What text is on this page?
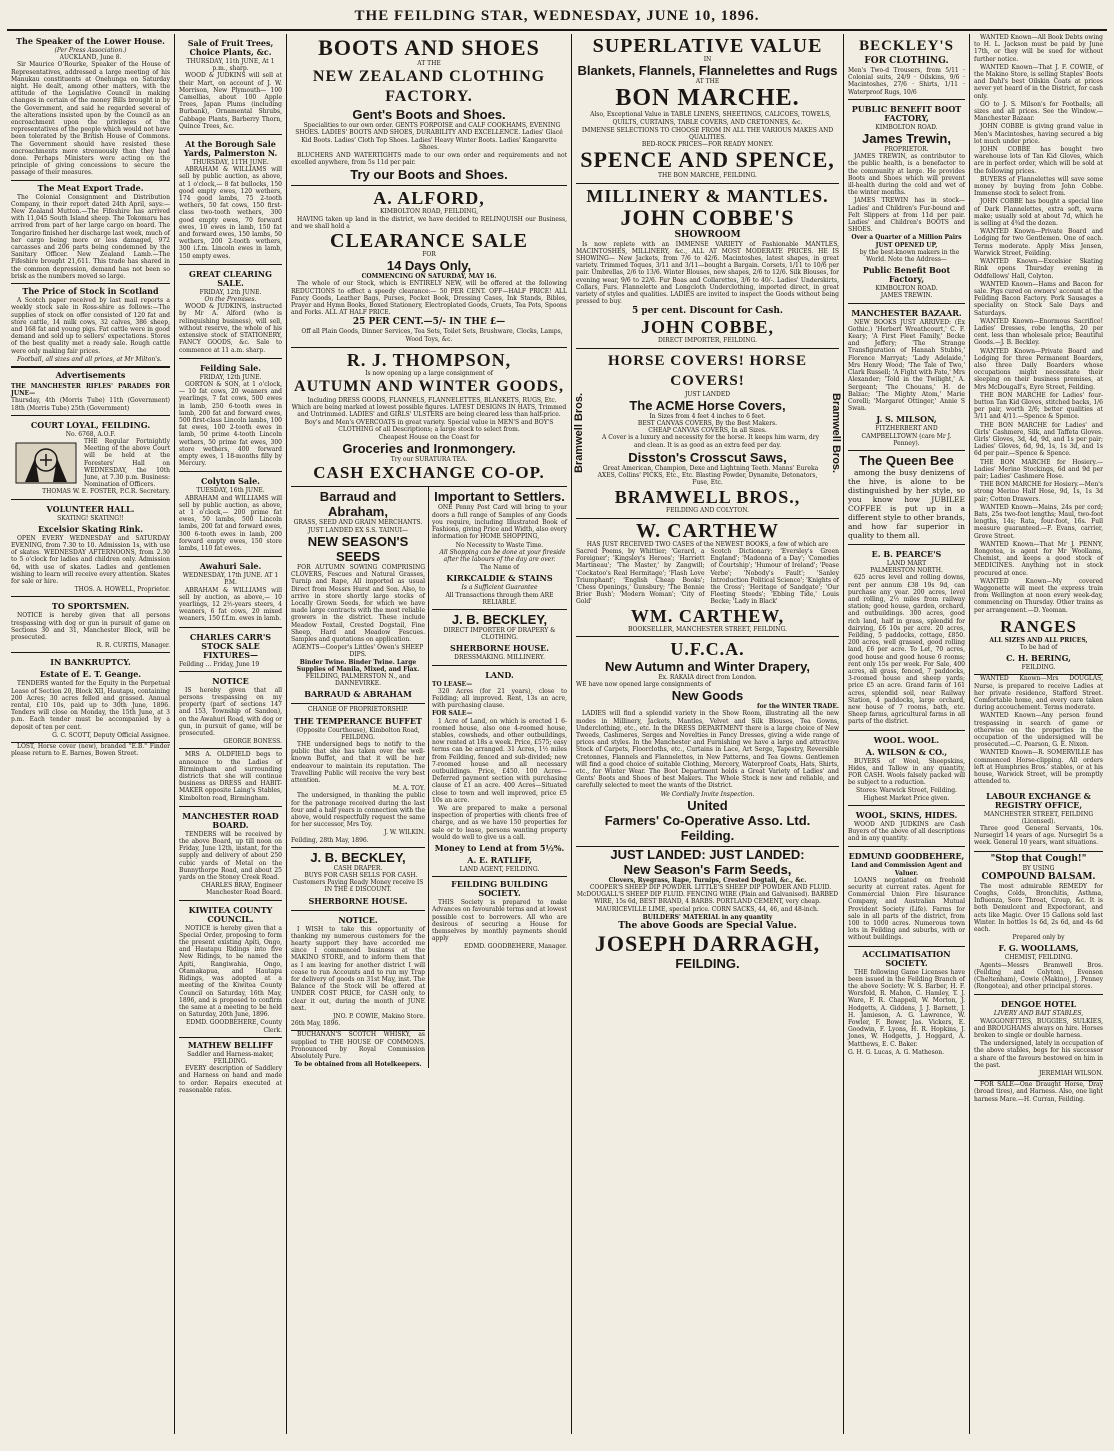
THE FEILDING STAR, WEDNESDAY, JUNE 10, 1896.
The Speaker of the Lower House.
(Per Press Association.)
AUCKLAND, June 8.

Sir Maurice O'Rourke, Speaker of the House of Representatives, addressed a large meeting of his Manukau constituents at Onehunga on Saturday night. He dealt, among other matters, with the attitude of the Legislative Council in making changes in certain of the money Bills brought in by the Government, and said he regarded several of the alterations insisted upon by the Council as an encroachment upon the privileges of the representatives of the people which would not have been tolerated by the British House of Commons. The Government should have resisted these encroachments more strenuously than they had done. Perhaps Ministers were acting on the principle of giving concessions to secure the passage of their measures.

The Meat Export Trade.

The Colonial Consignment and Distribution Company, in their report dated 24th April, says:— New Zealand Mutton.—The Fifeshire has arrived with 11,045 South Island sheep. The Tokomaru has arrived from part of her large cargo on board. The Tongariro finished her discharge last week, much of her cargo being more or less damaged, 972 carcasses and 206 parts being condemned by the Sanitary Officer. New Zealand Lamb.—The Fifeshire brought 21,611. This trade has shared in the common depression, demand has not been so brisk as the numbers moved so large.

The Price of Stock in Scotland

A Scotch paper received by last mail reports a weekly stock sale in Ross-shire as follows:—The supplies of stock on offer consisted of 120 fat and store cattle, 14 milk cows, 32 calves, 386 sheep, and 168 fat and young pigs. Fat cattle were in good demand and sold up to sellers' expectations. Stores of the best quality met a ready sale. Rough cattle were only making fair prices.

Football, all sizes and all prices, at Mr Milton's.

Advertisements
THE MANCHESTER RIFLES' PARADES FOR JUNE—
Thursday, 4th (Morris Tube) 11th (Government) 18th (Morris Tube) 25th (Government)
COURT LOYAL, FEILDING.
No. 6768, A.O.F.
THE Regular Fortnightly Meeting of the above Court will be held at the Foresters' Hall on WEDNESDAY, the 10th June, at 7.30 p.m. Business: Nomination of Officers.
THOMAS W. E. FOSTER, P.C.R. Secretary.
VOLUNTEER HALL.
SKATING! SKATING!!
Excelsior Skating Rink.

OPEN EVERY WEDNESDAY and SATURDAY EVENING, from 7.30 to 10. Admission 1s, with use of skates. WEDNESDAY AFTERNOONS, from 2.30 to 5 o'clock for ladies and children only. Admission 6d, with use of skates. Ladies and gentlemen wishing to learn will receive every attention. Skates for sale or hire.

THOS. A. HOWELL, Proprietor.
TO SPORTSMEN.

NOTICE is hereby given that all persons trespassing with dog or gun in pursuit of game on Sections 30 and 31, Manchester Block, will be prosecuted.

R. R. CURTIS, Manager.
IN BANKRUPTCY.
Estate of E. T. Geange.

TENDERS wanted for the Equity in the Perpetual Lease of Section 20, Block XII, Hautapu, containing 200 Acres; 30 acres felled and grassed. Annual rental, £10 10s, paid up to 30th June, 1896. Tenders will close on Monday, the 15th June, at 3 p.m. Each tender must be accompanied by a deposit of ten per cent.

G. C. SCOTT, Deputy Official Assignee.

LOST, Horse cover (new), branded "E.B." Finder please return to E. Barnes, Bowen Street.

Sale of Fruit Trees, Choice Plants, &c.
THURSDAY, 11th JUNE, At 1 p.m., sharp.

WOOD & JUDKINS will sell at their Mart, on account of J. W. Morrison, New Plymouth— 100 Camellias, about 100 Apple Trees, Japan Plums (including Burbank), Ornamental Shrubs, Cabbage Plants, Barberry Thorn, Quince Trees, &c.

At the Borough Sale Yards, Palmerston N.
THURSDAY, 11TH JUNE.

ABRAHAM & WILLIAMS will sell by public auction, as above, at 1 o'clock,— 8 fat bullocks, 150 good empty ewes, 120 wethers, 174 good lambs, 75 2-tooth wethers, 50 fat cows, 150 first-class two-tooth wethers, 300 good empty ewes, 70 forward ewes, 10 ewes in lamb, 150 fat and forward ewes, 150 lambs, 50 wethers, 200 2-tooth wethers, 300 i.f.m. Lincoln ewes in lamb, 150 empty ewes.

GREAT CLEARING SALE.
FRIDAY, 12th JUNE.
On the Premises.

WOOD & JUDKINS, instructed by Mr A. Alford (who is relinquishing business), will sell, without reserve, the whole of his extensive stock of STATIONERY, FANCY GOODS, &c. Sale to commence at 11 a.m. sharp.

Feilding Sale.
FRIDAY, 12th JUNE.

GORTON & SON, at 1 o'clock,— 10 fat cows, 20 weaners and yearlings, 7 fat cows, 500 ewes in lamb, 250 6-tooth ewes in lamb, 200 fat and forward ewes, 500 first-class Lincoln lambs, 100 fat ewes, 100 2-tooth ewes in lamb, 50 prime 4-tooth Lincoln wethers, 50 prime fat ewes, 300 store wethers, 400 forward empty ewes, 1 18-months filly by Mercury.

Colyton Sale.
TUESDAY, 16th JUNE.

ABRAHAM and WILLIAMS will sell by public auction, as above, at 1 o'clock,— 200 prime fat ewes, 50 lambs, 500 Lincoln lambs, 200 fat and forward ewes, 300 6-tooth ewes in lamb, 200 forward empty ewes, 150 store lambs, 110 fat ewes.

Awahuri Sale.
WEDNESDAY, 17th JUNE. AT 1 P.M.

ABRAHAM & WILLIAMS will sell by auction, as above,— 10 yearlings, 12 2½-years steers, 4 weaners, 6 fat cows, 20 mixed weaners, 150 f.f.m. ewes in lamb.

CHARLES CARR'S STOCK SALE FIXTURES—
Feilding ... Friday, June 19
NOTICE

IS hereby given that all persons trespassing on my property (part of sections 147 and 153, Township of Sandon), on the Awahuri Road, with dog or gun, in pursuit of game, will be prosecuted.

GEORGE BONESS.

MRS A. OLDFIELD begs to announce to the Ladies of Birmingham and surrounding districts that she will continue business as DRESS and HABIT-MAKER opposite Laing's Stables, Kimbolton road, Birmingham.

MANCHESTER ROAD BOARD.

TENDERS will be received by the above Board, up till noon on Friday, June 12th, instant, for the supply and delivery of about 250 cubic yards of Metal on the Bunnythorpe Road, and about 25 yards on the Stoney Creek Road.

CHARLES BRAY, Engineer Manchester Road Board.
KIWITEA COUNTY COUNCIL.

NOTICE is hereby given that a Special Order, proposing to form the present existing Apiti, Ongo, and Hautapu Ridings into five New Ridings, to be named the Apiti, Rangiwahia, Ongo, Otamakapua, and Hautapu Ridings, was adopted at a meeting of the Kiwitea County Council on Saturday, 16th May, 1896, and is proposed to confirm the same at a meeting to be held on Saturday, 20th June, 1896.

EDMD. GOODBEHERE, County Clerk.
MATHEW BELLIFF
Saddler and Harness-maker, FEILDING.

EVERY description of Saddlery and Harness on hand and made to order. Repairs executed at reasonable rates.

BOOTS AND SHOES
AT THE
NEW ZEALAND CLOTHING FACTORY.
Gent's Boots and Shoes.

Specialities to our own order. GENTS FORPOISE and CALF COOKHAMS, EVENING SHOES. LADIES' BOOTS AND SHOES, DURABILITY AND EXCELLENCE. Ladies' Glacé Kid Boots. Ladies' Cloth Top Shoes. Ladies' Heavy Winter Boots. Ladies' Kangarette Shoes.

BLUCHERS AND WATERTIGHTS made to our own order and requirements and not excelled anywhere, from 5s 11d per pair.

Try our Boots and Shoes.
A. ALFORD,
KIMBOLTON ROAD, FEILDING,

HAVING taken up land in the district, we have decided to RELINQUISH our Business, and we shall hold a

CLEARANCE SALE
FOR
14 Days Only,
COMMENCING ON SATURDAY, MAY 16.

The whole of our Stock, which is ENTIRELY NEW, will be offered at the following REDUCTIONS to effect a speedy clearance:— 50 PER CENT. OFF—HALF PRICE! ALL Fancy Goods, Leather Bags, Purses, Pocket Book, Dressing Cases, Ink Stands, Bibles, Prayer and Hymn Books, Boxed Stationery, Electroplated Goods, Cruets, Tea Pots, Spoons and Forks. ALL AT HALF PRICE.

25 PER CENT.—5/- IN THE £—

Off all Plain Goods, Dinner Services, Tea Sets, Toilet Sets, Brushware, Clocks, Lamps, Wood Toys, &c.

R. J. THOMPSON,
Is now opening up a large consignment of
AUTUMN AND WINTER GOODS,

Including DRESS GOODS, FLANNELS, FLANNELETTES, BLANKETS, RUGS, Etc. Which are being marked at lowest possible figures. LATEST DESIGNS IN HATS, Trimmed and Untrimmed. LADIES' and GIRLS' ULSTERS are being cleared less than half-price. Boy's and Men's OVERCOATS in great variety. Special value in MEN'S and BOY'S CLOTHING of all Descriptions; a large stock to select from.

Cheapest House on the Coast for
Groceries and Ironmongery.
Try our SURATURA TEA.
CASH EXCHANGE CO-OP.
Barraud and Abraham,
GRASS, SEED AND GRAIN MERCHANTS.
JUST LANDED EX S.S. TAINUI—
NEW SEASON'S SEEDS

FOR AUTUMN SOWING COMPRISING CLOVERS, Fescues and Natural Grasses, Turnip and Rape, All imported as usual Direct from Messrs Hurst and Son. Also, to arrive in store shortly large stocks of Locally Grown Seeds, for which we have made large contracts with the most reliable growers in the district. These include Meadow Foxtail, Crested Dogstail, Fine Sheep, Hard and Meadow Fescues. Samples and quotations on application.

AGENTS—Cooper's Littles' Owen's SHEEP DIPS.
Binder Twine. Binder Twine. Large Supplies of Manila, Mixed, and Flax.
FEILDING, PALMERSTON N., and DANNEVIRKE.
BARRAUD & ABRAHAM
CHANGE OF PROPRIETORSHIP.
THE TEMPERANCE BUFFET
(Opposite Courthouse), Kimbolton Road, FEILDING.

THE undersigned begs to notify to the public that she has taken over the well-known Buffet, and that it will be her endeavour to maintain its reputation. The Travelling Public will receive the very best attention.

M. A. TOY.

The undersigned, in thanking the public for the patronage received during the last four and a half years in connection with the above, would respectfully request the same for her successor, Mrs Toy.

J. W. WILKIN.
Feilding, 28th May, 1896.
J. B. BECKLEY,
CASH DRAPER.

BUYS FOR CASH SELLS FOR CASH. Customers Paying Ready Money receive IS IN THE £ DISCOUNT.

SHERBORNE HOUSE.
NOTICE.

I WISH to take this opportunity of thanking my numerous customers for the hearty support they have accorded me since I commenced business at the MAKINO STORE, and to inform them that as I am leaving for another district I will cease to run Accounts and to run my Trap for delivery of goods on 31st May, inst. The Balance of the Stock will be offered at UNDER COST PRICE, for CASH only, to clear it out, during the month of JUNE next.

JNO. P. COWIE, Makino Store.
26th May, 1896.

BUCHANAN'S SCOTCH WHISKY, as supplied to THE HOUSE OF COMMONS. Pronounced by Royal Commission Absolutely Pure.

To be obtained from all Hotelkeepers.
Important to Settlers.

ONE Penny Post Card will bring to your doors a full range of Samples of any Goods you require, including Illustrated Book of Fashions, giving Price and Width, also every information for HOME SHOPPING,

No Necessity to Waste Time.

All Shopping can be done at your fireside after the labours of the day are over.

The Name of
KIRKCALDIE & STAINS
Is a Sufficient Guarantee
All Transactions through them ARE RELIABLE.
J. B. BECKLEY,
DIRECT IMPORTER OF DRAPERY & CLOTHING.
SHERBORNE HOUSE.
DRESSMAKING. MILLINERY.
LAND.
TO LEASE—

320 Acres (for 21 years), close to Feilding; all improved. Rent, 13s an acre, with purchasing clause.

FOR SALE—

1 Acre of Land, on which is erected 1 6-roomed house, also one 4-roomed house, stables, cowsheds, and other outbuildings, now rented at 18s a week. Price, £575; easy terms can be arranged. 31 Acres, 1½ miles from Feilding, fenced and sub-divided; new 7-roomed house and all necessary outbuildings. Price, £450. 100 Acres—Deferred payment section with purchasing clause of £1 an acre. 400 Acres—Situated close to town and well improved, price £5 10s an acre.

We are prepared to make a personal inspection of properties with clients free of charge, and as we have 150 properties for sale or to lease, persons wanting property would do well to give us a call.

Money to Lend at from 5½%.
A. E. RATLIFF,
LAND AGENT, FEILDING.
FEILDING BUILDING SOCIETY.

THIS Society is prepared to make Advances on favourable terms and at lowest possible cost to borrowers. All who are desirous of securing a House for themselves by monthly payments should apply

EDMD. GOODBEHERE, Manager.
SUPERLATIVE VALUE
IN
Blankets, Flannels, Flannelettes and Rugs
AT THE
BON MARCHE.

Also, Exceptional Value in TABLE LINENS, SHEETINGS, CALICOES, TOWELS, QUILTS, CURTAINS, TABLE COVERS, AND CRETONNES, &c.

IMMENSE SELECTIONS TO CHOOSE FROM IN ALL THE VARIOUS MAKES AND QUALITIES.
BED-ROCK PRICES—FOR READY MONEY.
SPENCE AND SPENCE,
THE BON MARCHE, FEILDING.
MILLINERY & MANTLES.
JOHN COBBE'S
SHOWROOM

Is now replete with an IMMENSE VARIETY of Fashionable MANTLES, MACINTOSHES, MILLINERY, &c., ALL AT MOST MODERATE PRICES. HE IS SHOWING— New Jackets, from 7/6 to 42/6. Macintoshes, latest shapes, in great variety. Trimmed Toques, 3/11 and 3/11—bought a Bargain. Corsets, 1/11 to 10/6 per pair. Umbrellas, 2/6 to 13/6. Winter Blouses, new shapes, 2/6 to 12/6. Silk Blouses, for evening wear, 9/6 to 22/6. Fur Boas and Collarettes, 3/6 to 40/-. Ladies' Underskirts, Collars, Furs. Flannelette and Longcloth Underclothing, imported direct, in great variety of styles and qualities. LADIES are invited to inspect the Goods without being pressed to buy.

5 per cent. Discount for Cash.
JOHN COBBE,
DIRECT IMPORTER, FEILDING.
Bramwell Bros.
HORSE COVERS! HORSE COVERS!
JUST LANDED
The ACME Horse Covers,
In Sizes from 4 feet 4 inches to 6 feet.
BEST CANVAS COVERS, By the Best Makers.
CHEAP CANVAS COVERS, In all Sizes.

A Cover is a luxury and necessity for the horse. It keeps him warm, dry and clean. It is as good as an extra feed per day.

Disston's Crosscut Saws,

Great American, Champion, Dexe and Lightning Teeth. Manns' Eureka AXES, Collins' PICKS, Etc., Etc. Blasting Powder, Dynamite, Detonators, Fuse, Etc.

BRAMWELL BROS.,
FEILDING AND COLYTON.
Bramwell Bros.
W. CARTHEW
HAS JUST RECEIVED TWO CASES of the NEWEST BOOKS, a few of which are
Sacred Poems, by Whittier; 'Gerard, a Foreigner'; 'Kingsley's Heroes'; 'Harriett Martineau'; 'The Master,' by Zangwill; 'Cockatoo's Real Hermitage'; 'Flash Love Triumphant'; 'English Cheap Books'; 'Chess Openings,' Gunsbury; 'The Bonnie Brier Bush'; 'Modern Woman'; 'City of Gold'
Scotch Dictionary; 'Eversley's Green England'; 'Madonna of a Day'; 'Comedies of Courtship'; 'Humour of Ireland'; 'Pease Verbe'; 'Nobody's Fault'; 'Sanley Introduction Political Science'; 'Knights of the Cross'; 'Heritage of Sandgate'; 'Our Fleeting Steeds'; 'Ebbing Tide,' Louis Becke; 'Lady in Black'
WM. CARTHEW,
BOOKSELLER, MANCHESTER STREET, FEILDING.
U.F.C.A.
New Autumn and Winter Drapery,
Ex. RAKAIA direct from London.
WE have now opened large consignments of
New Goods
for the WINTER TRADE.

LADIES will find a splendid variety in the Show Room, illustrating all the new modes in Millinery, Jackets, Mantles, Velvet and Silk Blouses, Tea Gowns, Underclothing, etc., etc. In the DRESS DEPARTMENT there is a large choice of New Tweeds, Cashmeres, Serges and Novelties in Fancy Dresses, giving a wide range of prices and styles. In the Manchester and Furnishing we have a large and attractive Stock of Carpets, Floorcloths, etc., Curtains in Lace, Art Serge, Tapestry, Reversible Cretonnes, Flannels and Flannelettes, in New Patterns, and Tea Gowns. Gentlemen will find a good choice of suitable Clothing, Mercery, Waterproof Coats, Hats, Shirts, etc., for Winter Wear. The Boot Department holds a Great Variety of Ladies' and Gents' Boots and Shoes of best Makers. The Whole Stock is new and reliable, and carefully selected to meet the wants of the District.

We Cordially Invite Inspection.
United
Farmers' Co-Operative Asso. Ltd.
Feilding.
JUST LANDED: JUST LANDED:
New Season's Farm Seeds,
Clovers, Ryegrass, Rape, Turnips, Crested Dogtail, &c., &c.

COOPER'S SHEEP DIP POWDER. LITTLE'S SHEEP DIP POWDER AND FLUID. McDOUGALL'S SHEEP DIP FLUID. FENCING WIRE (Plain and Galvanised). BARBED WIRE, 15s 6d, BEST BRAND, 4 BARBS. PORTLAND CEMENT, very cheap. MAURICEVILLE LIME, special price. CORN SACKS, 44, 46, and 48-inch.

BUILDERS' MATERIAL in any quantity
The above Goods are Special Value.
JOSEPH DARRAGH,
FEILDING.
BECKLEY'S
FOR CLOTHING.
Men's Two-d Trousers, from 5/11 · Colonial suits, 24/9 · Oilskins, 9/6 · Macintoshes, 27/6 · Shirts, 1/11 · Waterproof Rugs, 10/6
PUBLIC BENEFIT BOOT FACTORY,
KIMBOLTON ROAD.
James Trewin,
PROPRIETOR.

JAMES TREWIN, as contributor to the public health, is a benefactor to the community at large. He provides Boots and Shoes which will prevent ill-health during the cold and wet of the winter months.

JAMES TREWIN has in stock—Ladies' and Children's Fur-bound and Felt Slippers at from 11d per pair. Ladies' and Children's BOOTS and SHOES.

Over a Quarter of a Million Pairs JUST OPENED UP,

by the best-known makers in the World. Note the Address—

Public Benefit Boot Factory,
KIMBOLTON ROAD.
JAMES TREWIN.
MANCHESTER BAZAAR.

NEW BOOKS JUST ARRIVED: (Ex Gothic.) 'Herbert Wreathcourt,' C. F. Keary; 'A First Fleet Family,' Becke and Jeffery; 'The Strange Transfiguration of Hannah Stubbs,' Florence Marryat; 'Lady Adelaide,' Mrs Henry Wood; 'The Tale of Two,' Clark Russell; 'A Fight with Fate,' Mrs Alexander; 'Told in the Twilight,' A. Sergeant; 'The Chouans,' H. de Balzac; 'The Mighty Atom,' Marie Corelli; 'Margaret Ottinger,' Annie S Swan.

J. S. MILSON,
FITZHERBERT AND CAMPBELLTOWN (care Mr J. Penney).
The Queen Bee

among the busy denizens of the hive, is alone to be distinguished by her style, so you know how JUBILEE COFFEE is put up in a different style to other brands, and how far superior in quality to them all.

E. B. PEARCE'S
LAND MART
PALMERSTON NORTH.

625 acres level and rolling downs, rent per annum £38 19s 9d, can purchase any year. 200 acres, level and rolling, 2½ miles from railway station; good house, garden, orchard, and outbuildings. 300 acres, good rich land, half in grass, splendid for dairying, £6 10s per acre. 20 acres, Feilding, 5 paddocks, cottage, £850. 200 acres, well grassed, good rolling land, £6 per acre. To Let, 70 acres, good house and good house 6 rooms; rent only 15s per week. For Sale, 400 acres, all grass, fenced, 7 paddocks, 3-roomed house and sheep yards; price £5 an acre. Grand farm of 161 acres, splendid soil, near Railway Station, 4 paddocks, large orchard, new house of 7 rooms, bath, etc. Sheep farms, agricultural farms in all parts of the district.

WOOL. WOOL.
A. WILSON & CO.,

BUYERS of Wool, Sheepskins, Hides, and Tallow in any quantity, FOR CASH. Wools falsely packed will be subject to a reduction.

Stores: Warwick Street, Feilding.
Highest Market Price given.
WOOL, SKINS, HIDES.

WOOD AND JUDKINS are Cash Buyers of the above of all descriptions and in any quantity.

EDMUND GOODBEHERE,
Land and Commission Agent and Valuer.

LOANS negotiated on freehold security at current rates. Agent for Commercial Union Fire Insurance Company, and Australian Mutual Provident Society (Life). Farms for sale in all parts of the district, from 100 to 1000 acres. Numerous town lots in Feilding and suburbs, with or without buildings.

ACCLIMATISATION SOCIETY.

THE following Game Licenses have been issued in the Feilding Branch of the above Society: W. S. Barber, H. F. Worsfold, R. Mahon, C. Hamley, T. J. Ware, F. R. Chappell, W. Morton, J. Hodgetts, A. Giddens, J. J. Barnett, J. H. Jamieson, A. G. Lawrence, W. Fowler, F. Bower, Jas. Vickers, E. Goodwin, F. Lyons, H. R. Hopkins, J. Jones, W. Hodgetts, J. Hoggard, A. Matthews, E. C. Baker.

G. H. G. Lucas, A. G. Matheson.

WANTED Known—All Book Debts owing to H. L. Jackson must be paid by June 17th, or they will be sued for without further notice.

WANTED Known—That J. F. COWIE, of the Makino Store, is selling Staples' Boots and Dahl's best Oilskin Coats at prices never yet heard of in the District, for cash only.

GO to J. S. Milson's for Footballs; all sizes and all prices. See the Window.—Manchester Bazaar.

JOHN COBBE is giving grand value in Men's Macintoshes, having secured a big lot much under price.

JOHN COBBE has bought two warehouse lots of Tan Kid Gloves, which are in perfect order, which will be sold at the following prices.

BUYERS of Flannelettes will save some money by buying from John Cobbe. Immense stock to select from.

JOHN COBBE has bought a special line of Dark Flannelettes, extra soft, warm make; usually sold at about 7d, which he is selling at 4¾d the dozen.

WANTED Known—Private Board and Lodging for two Gentlemen. One of each. Terms moderate. Apply Miss Jensen, Warwick Street, Feilding.

WANTED Known—Excelsior Skating Rink opens Thursday evening in Oddfellows' Hall, Colyton.

WANTED Known—Hams and Bacon for sale. Pigs cured on owners' account at the Feilding Bacon Factory. Pork Sausages a speciality on Stock Sale Days and Saturdays.

WANTED Known—Enormous Sacrifice! Ladies' Dresses, robe lengths, 20 per cent. less than wholesale price; Beautiful Goods.—J. B. Beckley.

WANTED Known—Private Board and Lodging for three Permanent Boarders, also three Daily Boarders whose occupations might necessitate their sleeping on their business premises, at Mrs McDougall's, Eyre Street, Feilding.

THE BON MARCHE for Ladies' four-button Tan Kid Gloves, stitched backs, 1/6 per pair, worth 2/6; better qualities at 3/11 and 4/11.—Spence & Spence.

THE BON MARCHE for Ladies' and Girls' Cashmere, Silk, and Taffeta Gloves. Girls' Gloves, 3d, 4d, 9d, and 1s per pair; Ladies' Gloves, 6d, 9d, 1s, 1s 3d, and 1s 6d per pair.—Spence & Spence.

THE BON MARCHE for Hosiery.—Ladies' Merino Stockings, 6d and 9d per pair; Ladies' Cashmere Hose.

THE BON MARCHE for Hosiery.—Men's strong Merino Half Hose, 9d, 1s, 1s 3d pair; Cotton Drawers.

WANTED Known—Mains, 24s per cord; Bats, 25s two-foot lengths; Maul, two-foot lengths, 14s; Rata, four-foot, 16s. Full measure guaranteed.—F. Evans, carrier, Grove Street.

WANTED Known—That Mr J. PENNY, Rongotea, is agent for Mr Woollams, Chemist, and keeps a good stock of MEDICINES. Anything not in stock procured at once.

WANTED Known—My covered Waggonette will meet the express train from Wellington at noon every week-day, commencing on Thursday. Other trains as per arrangement.—D. Yeoman.

RANGES
ALL SIZES AND ALL PRICES,
To be had of
C. H. BERING,
FEILDING.

WANTED Known—Mrs DOUGLAS, Nurse, is prepared to receive Ladies at her private residence, Stafford Street. Comfortable home, and every care taken during accouchement. Terms moderate.

WANTED Known—Any person found trespassing in search of game or otherwise on the properties in the occupation of the undersigned will be prosecuted.—C. Pearson, G. E. Nixon.

WANTED Known—R. SOMERVILLE has commenced Horse-clipping. All orders left at Humphries Bros.' stables, or at his house, Warwick Street, will be promptly attended to.

LABOUR EXCHANGE & REGISTRY OFFICE,
MANCHESTER STREET, FEILDING (Licensed).

Three good General Servants, 10s. Nursegirl 14 years of age. Nursegirl 5s a week. General 10 years, want situations.

"Stop that Cough!"
BY USING
COMPOUND BALSAM.

The most admirable REMEDY for Coughs, Colds, Bronchitis, Asthma, Influenza, Sore Throat, Croup, &c. It is both Demulcent and Expectorant, and acts like Magic. Over 15 Gallons sold last Winter. In bottles 1s 6d, 2s 6d, and 4s 6d each.

Prepared only by
F. G. WOOLLAMS,
CHEMIST, FEILDING.

Agents—Messrs Bramwell Bros. (Feilding and Colyton), Evenson (Cheltenham), Cowie (Makino), J. Penney (Rongotea), and other principal stores.

DENGOE HOTEL
LIVERY AND BAIT STABLES,

WAGGONETTES, BUGGIES, SULKIES, and BROUGHAMS always on hire. Horses broken to single or double harness.

The undersigned, lately in occupation of the above stables, begs for his successor a share of the favours bestowed on him in the past.

JEREMIAH WILSON.

FOR SALE—One Draught Horse, Dray (broad tires), and Harness. Also, one light harness Mare.—H. Curran, Feilding.
